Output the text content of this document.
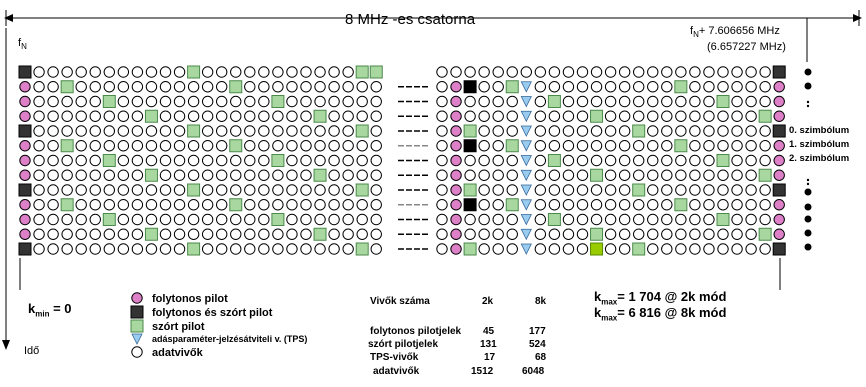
8 MHz -es csatorna
$f_N$
$f_N+ 7.606656$ MHz
(6.657227 MHz)
0. szimbólum
1. szimbólum
2. szimbólum
$k_{min} = 0$
Idő
folytonos pilot
folytonos és szórt pilot
szórt pilot
adásparaméter-jelzésátviteli v. (TPS)
adatvivők
Vivők száma	2k	8k
folytonos pilotjelek 45	177
szórt pilotjelek	131	524
TPS-vivők	17	68
adatvivők	1512	6048
$k_{max}= 1$ 704 @ 2k mód
$k_{max}= 6$ 816 @ 8k mód
